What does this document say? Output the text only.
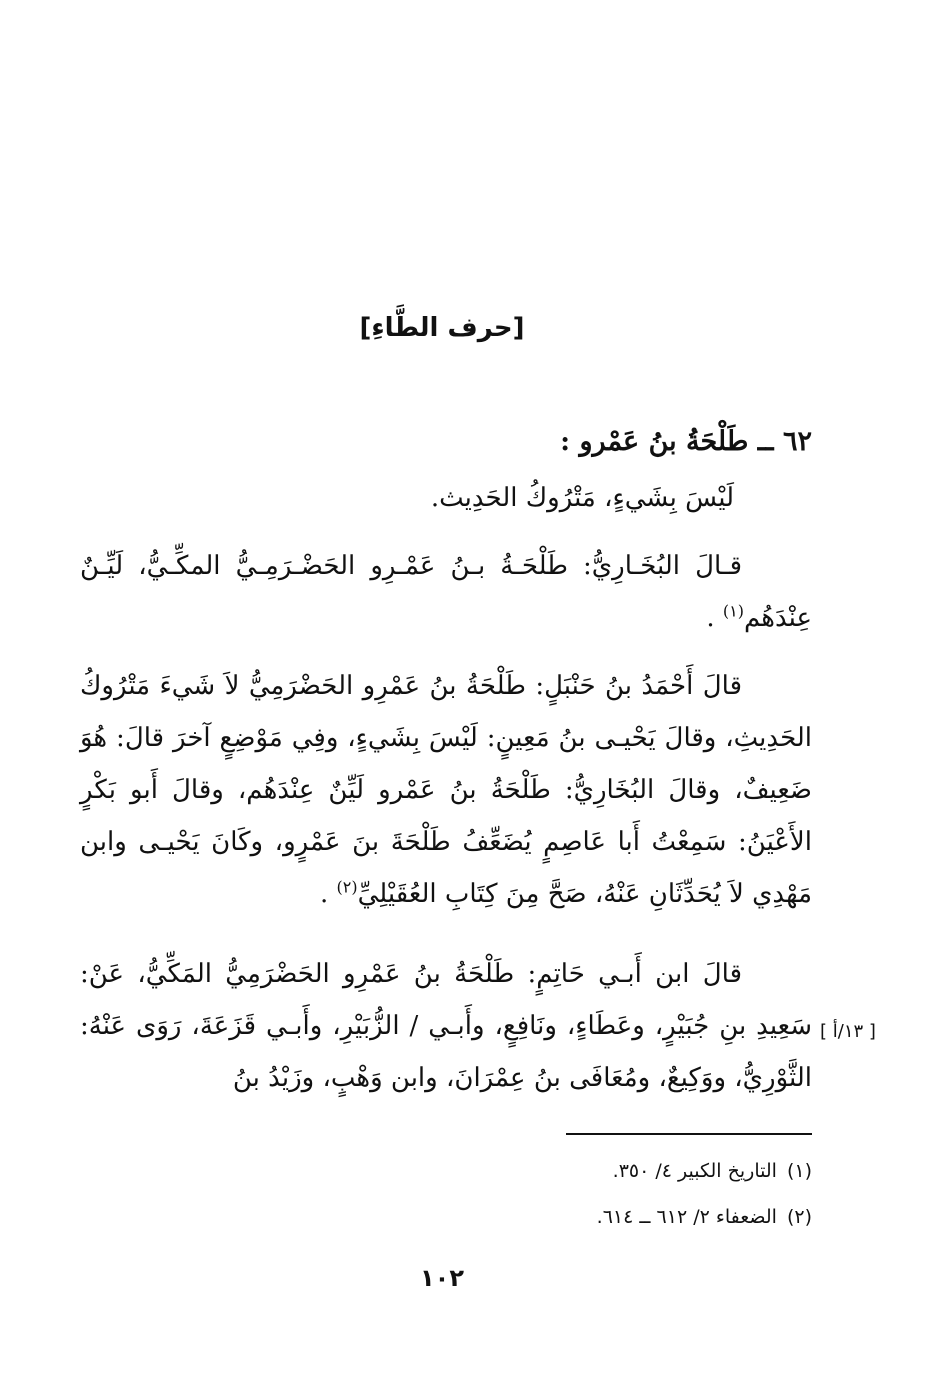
[حرف الطَّاءِ]
٦٢ ــ طَلْحَةُ بنُ عَمْرو :
لَيْسَ بِشَيءٍ، مَتْرُوكُ الحَدِيث.
قـالَ البُخَـارِيُّ: طَلْحَـةُ بـنُ عَمْـرِو الحَضْـرَمِـيُّ المكِّـيُّ، لَيِّـنٌ عِنْدَهُم$^{(١)}$ .
قالَ أَحْمَدُ بنُ حَنْبَلٍ: طَلْحَةُ بنُ عَمْرِو الحَضْرَمِيُّ لاَ شَيءَ مَتْرُوكُ الحَدِيثِ، وقالَ يَحْيـى بنُ مَعِينٍ: لَيْسَ بِشَيءٍ، وفِي مَوْضِعٍ آخرَ قالَ: هُوَ ضَعِيفٌ، وقالَ البُخَارِيُّ: طَلْحَةُ بنُ عَمْرو لَيِّنٌ عِنْدَهُم، وقالَ أَبو بَكْرٍ الأَعْيَنُ: سَمِعْتُ أَبا عَاصِمٍ يُضَعِّفُ طَلْحَةَ بنَ عَمْرٍو، وكَانَ يَحْيـى وابن مَهْدِي لاَ يُحَدِّثَانِ عَنْهُ، صَحَّ مِنَ كِتَابِ العُقَيْلِيِّ$^{(٢)}$ .
قالَ ابن أَبـي حَاتِمٍ: طَلْحَةُ بنُ عَمْرِو الحَضْرَمِيُّ المَكِّيُّ، عَنْ: سَعِيدِ بنِ جُبَيْرٍ، وعَطَاءٍ، ونَافِعٍ، وأَبـي / الزُّبَيْرِ، وأَبـي قَزَعَةَ، رَوَى عَنْهُ: الثَّوْرِيُّ، ووَكِيعٌ، ومُعَافَى بنُ عِمْرَانَ، وابن وَهْبٍ، وزَيْدُ بنُ
[ ١٣/أ ]
(١)التاريخ الكبير ٤/ ٣٥٠.
(٢)الضعفاء ٢/ ٦١٢ ــ ٦١٤.
١٠٢
